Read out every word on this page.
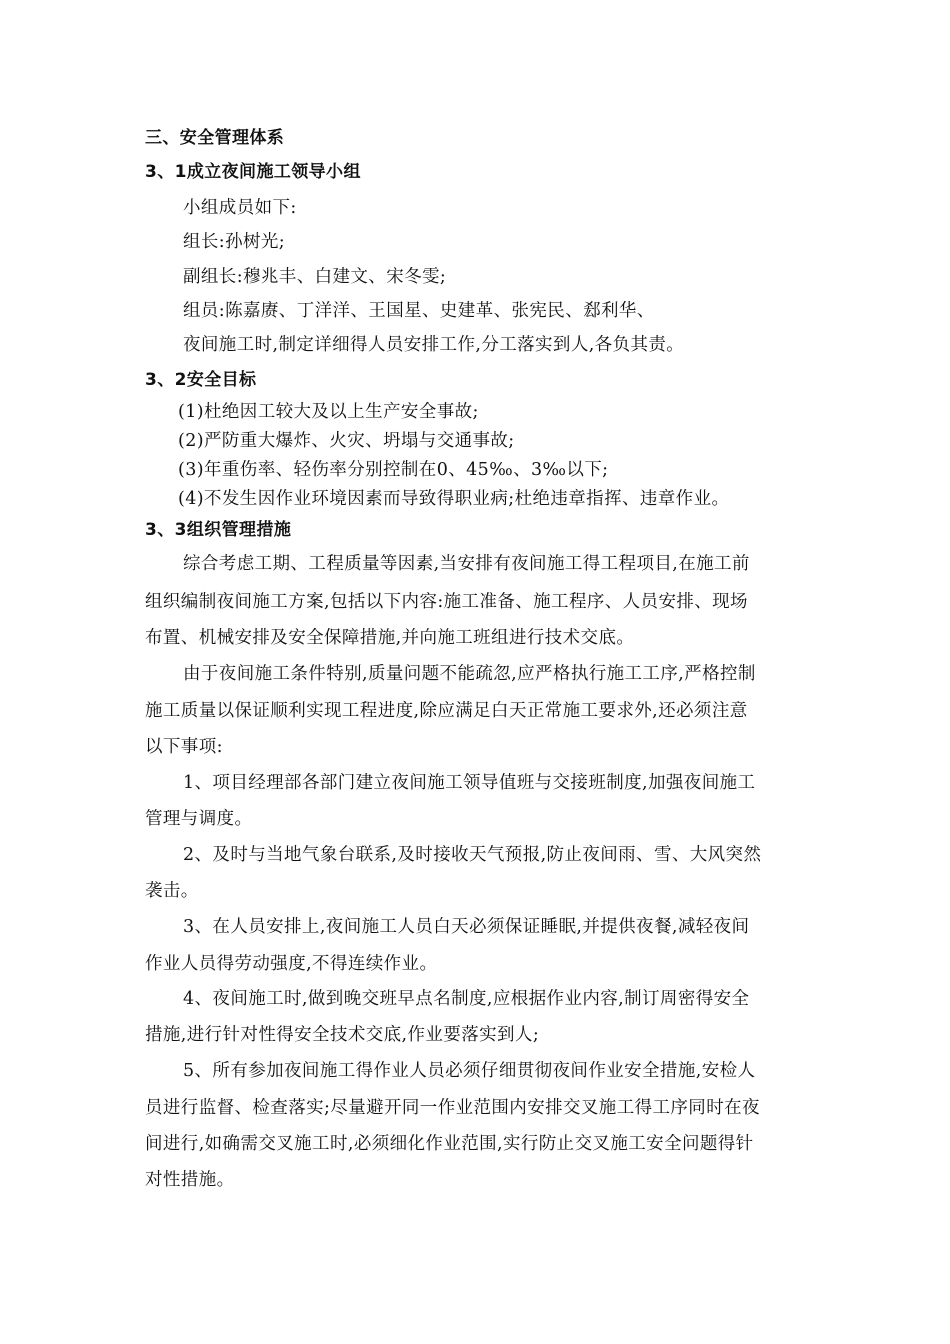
三、安全管理体系
3、1成立夜间施工领导小组
小组成员如下:
组长:孙树光;
副组长:穆兆丰、白建文、宋冬雯;
组员:陈嘉赓、丁洋洋、王国星、史建革、张宪民、郄利华、
夜间施工时,制定详细得人员安排工作,分工落实到人,各负其责。
3、2安全目标
(1)杜绝因工较大及以上生产安全事故;
(2)严防重大爆炸、火灾、坍塌与交通事故;
(3)年重伤率、轻伤率分别控制在0、45‰、3‰以下;
(4)不发生因作业环境因素而导致得职业病;杜绝违章指挥、违章作业。
3、3组织管理措施
综合考虑工期、工程质量等因素,当安排有夜间施工得工程项目,在施工前
组织编制夜间施工方案,包括以下内容:施工准备、施工程序、人员安排、现场
布置、机械安排及安全保障措施,并向施工班组进行技术交底。
由于夜间施工条件特别,质量问题不能疏忽,应严格执行施工工序,严格控制
施工质量以保证顺利实现工程进度,除应满足白天正常施工要求外,还必须注意
以下事项:
1、项目经理部各部门建立夜间施工领导值班与交接班制度,加强夜间施工
管理与调度。
2、及时与当地气象台联系,及时接收天气预报,防止夜间雨、雪、大风突然
袭击。
3、在人员安排上,夜间施工人员白天必须保证睡眠,并提供夜餐,减轻夜间
作业人员得劳动强度,不得连续作业。
4、夜间施工时,做到晚交班早点名制度,应根据作业内容,制订周密得安全
措施,进行针对性得安全技术交底,作业要落实到人;
5、所有参加夜间施工得作业人员必须仔细贯彻夜间作业安全措施,安检人
员进行监督、检查落实;尽量避开同一作业范围内安排交叉施工得工序同时在夜
间进行,如确需交叉施工时,必须细化作业范围,实行防止交叉施工安全问题得针
对性措施。
